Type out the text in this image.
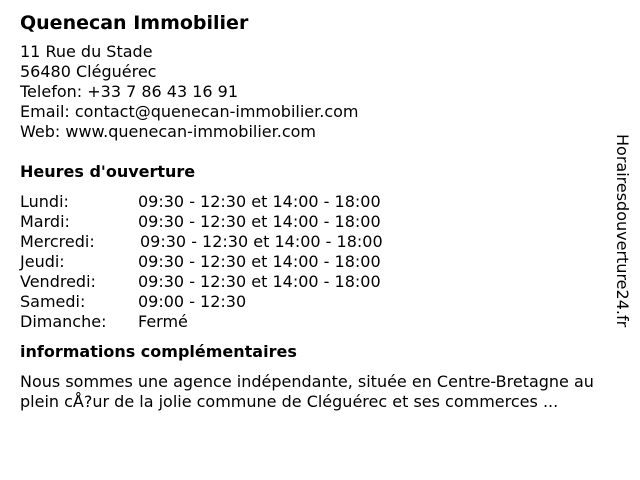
Quenecan Immobilier
11 Rue du Stade
56480 Cléguérec
Telefon: +33 7 86 43 16 91
Email: contact@quenecan-immobilier.com
Web: www.quenecan-immobilier.com
Heures d'ouverture
Lundi:	09:30 - 12:30 et 14:00 - 18:00
Mardi:	09:30 - 12:30 et 14:00 - 18:00
Mercredi:	09:30 - 12:30 et 14:00 - 18:00
Jeudi:	09:30 - 12:30 et 14:00 - 18:00
Vendredi:	09:30 - 12:30 et 14:00 - 18:00
Samedi:	09:00 - 12:30
Dimanche:	Fermé
informations complémentaires
Nous sommes une agence indépendante, située en Centre-Bretagne au plein cÅ?ur de la jolie commune de Cléguérec et ses commerces ...
Horairesdouverture24.fr
